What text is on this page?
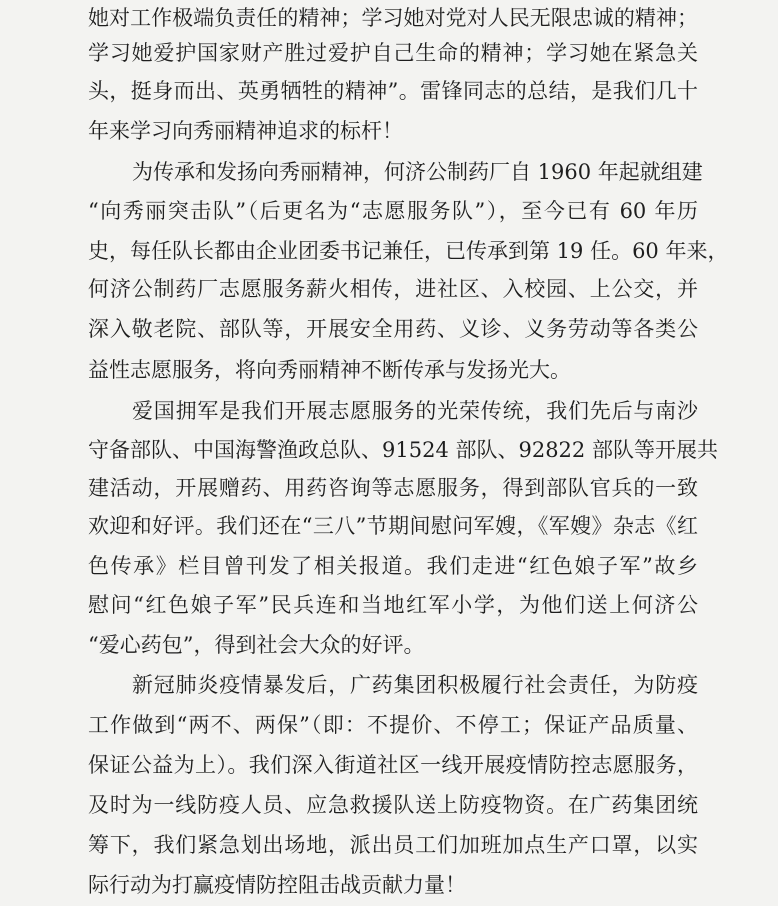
她对工作极端负责任的精神；学习她对党对人民无限忠诚的精神；
学习她爱护国家财产胜过爱护自己生命的精神；学习她在紧急关
头，挺身而出、英勇牺牲的精神”。雷锋同志的总结，是我们几十
年来学习向秀丽精神追求的标杆！
为传承和发扬向秀丽精神，何济公制药厂自 1960 年起就组建
“向秀丽突击队”（后更名为“志愿服务队”），至今已有 60 年历
史，每任队长都由企业团委书记兼任，已传承到第 19 任。60 年来，
何济公制药厂志愿服务薪火相传，进社区、入校园、上公交，并
深入敬老院、部队等，开展安全用药、义诊、义务劳动等各类公
益性志愿服务，将向秀丽精神不断传承与发扬光大。
爱国拥军是我们开展志愿服务的光荣传统，我们先后与南沙
守备部队、中国海警渔政总队、91524 部队、92822 部队等开展共
建活动，开展赠药、用药咨询等志愿服务，得到部队官兵的一致
欢迎和好评。我们还在“三八”节期间慰问军嫂，《军嫂》杂志《红
色传承》栏目曾刊发了相关报道。我们走进“红色娘子军”故乡
慰问“红色娘子军”民兵连和当地红军小学，为他们送上何济公
“爱心药包”，得到社会大众的好评。
新冠肺炎疫情暴发后，广药集团积极履行社会责任，为防疫
工作做到“两不、两保”（即：不提价、不停工；保证产品质量、
保证公益为上）。我们深入街道社区一线开展疫情防控志愿服务，
及时为一线防疫人员、应急救援队送上防疫物资。在广药集团统
筹下，我们紧急划出场地，派出员工们加班加点生产口罩，以实
际行动为打赢疫情防控阻击战贡献力量！
